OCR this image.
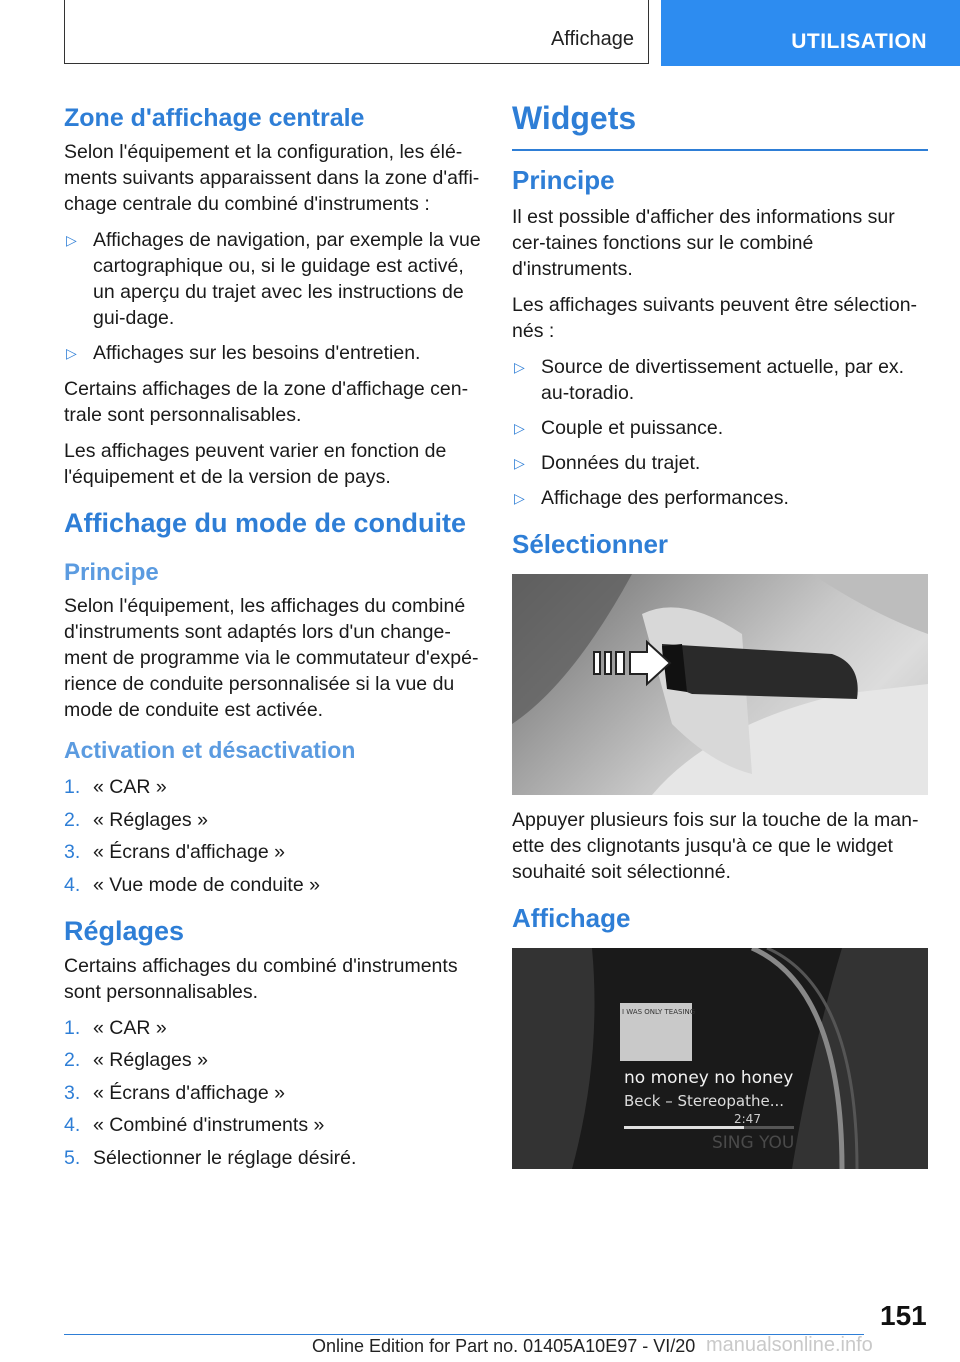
Affichage	UTILISATION
Zone d'affichage centrale

Selon l'équipement et la configuration, les élé-ments suivants apparaissent dans la zone d'affi-chage centrale du combiné d'instruments :

▷ Affichages de navigation, par exemple la vue cartographique ou, si le guidage est activé, un aperçu du trajet avec les instructions de gui-dage.
▷ Affichages sur les besoins d'entretien.

Certains affichages de la zone d'affichage cen-trale sont personnalisables.

Les affichages peuvent varier en fonction de l'équipement et de la version de pays.

Affichage du mode de conduite
Principe

Selon l'équipement, les affichages du combiné d'instruments sont adaptés lors d'un change-ment de programme via le commutateur d'expé-rience de conduite personnalisée si la vue du mode de conduite est activée.

Activation et désactivation
1. « CAR »
2. « Réglages »
3. « Écrans d'affichage »
4. « Vue mode de conduite »
Réglages

Certains affichages du combiné d'instruments sont personnalisables.

1. « CAR »
2. « Réglages »
3. « Écrans d'affichage »
4. « Combiné d'instruments »
5. Sélectionner le réglage désiré.
Widgets
Principe

Il est possible d'afficher des informations sur cer-taines fonctions sur le combiné d'instruments.

Les affichages suivants peuvent être sélection-nés :

▷ Source de divertissement actuelle, par ex. au-toradio.
▷ Couple et puissance.
▷ Données du trajet.
▷ Affichage des performances.
Sélectionner

Appuyer plusieurs fois sur la touche de la man-ette des clignotants jusqu'à ce que le widget souhaité soit sélectionné.

Affichage
I WAS ONLY TEASING
no money no honey
Beck – Stereopathe...
2:47
SING YOU
151
Online Edition for Part no. 01405A10E97 - VI/20 manualsonline.info
